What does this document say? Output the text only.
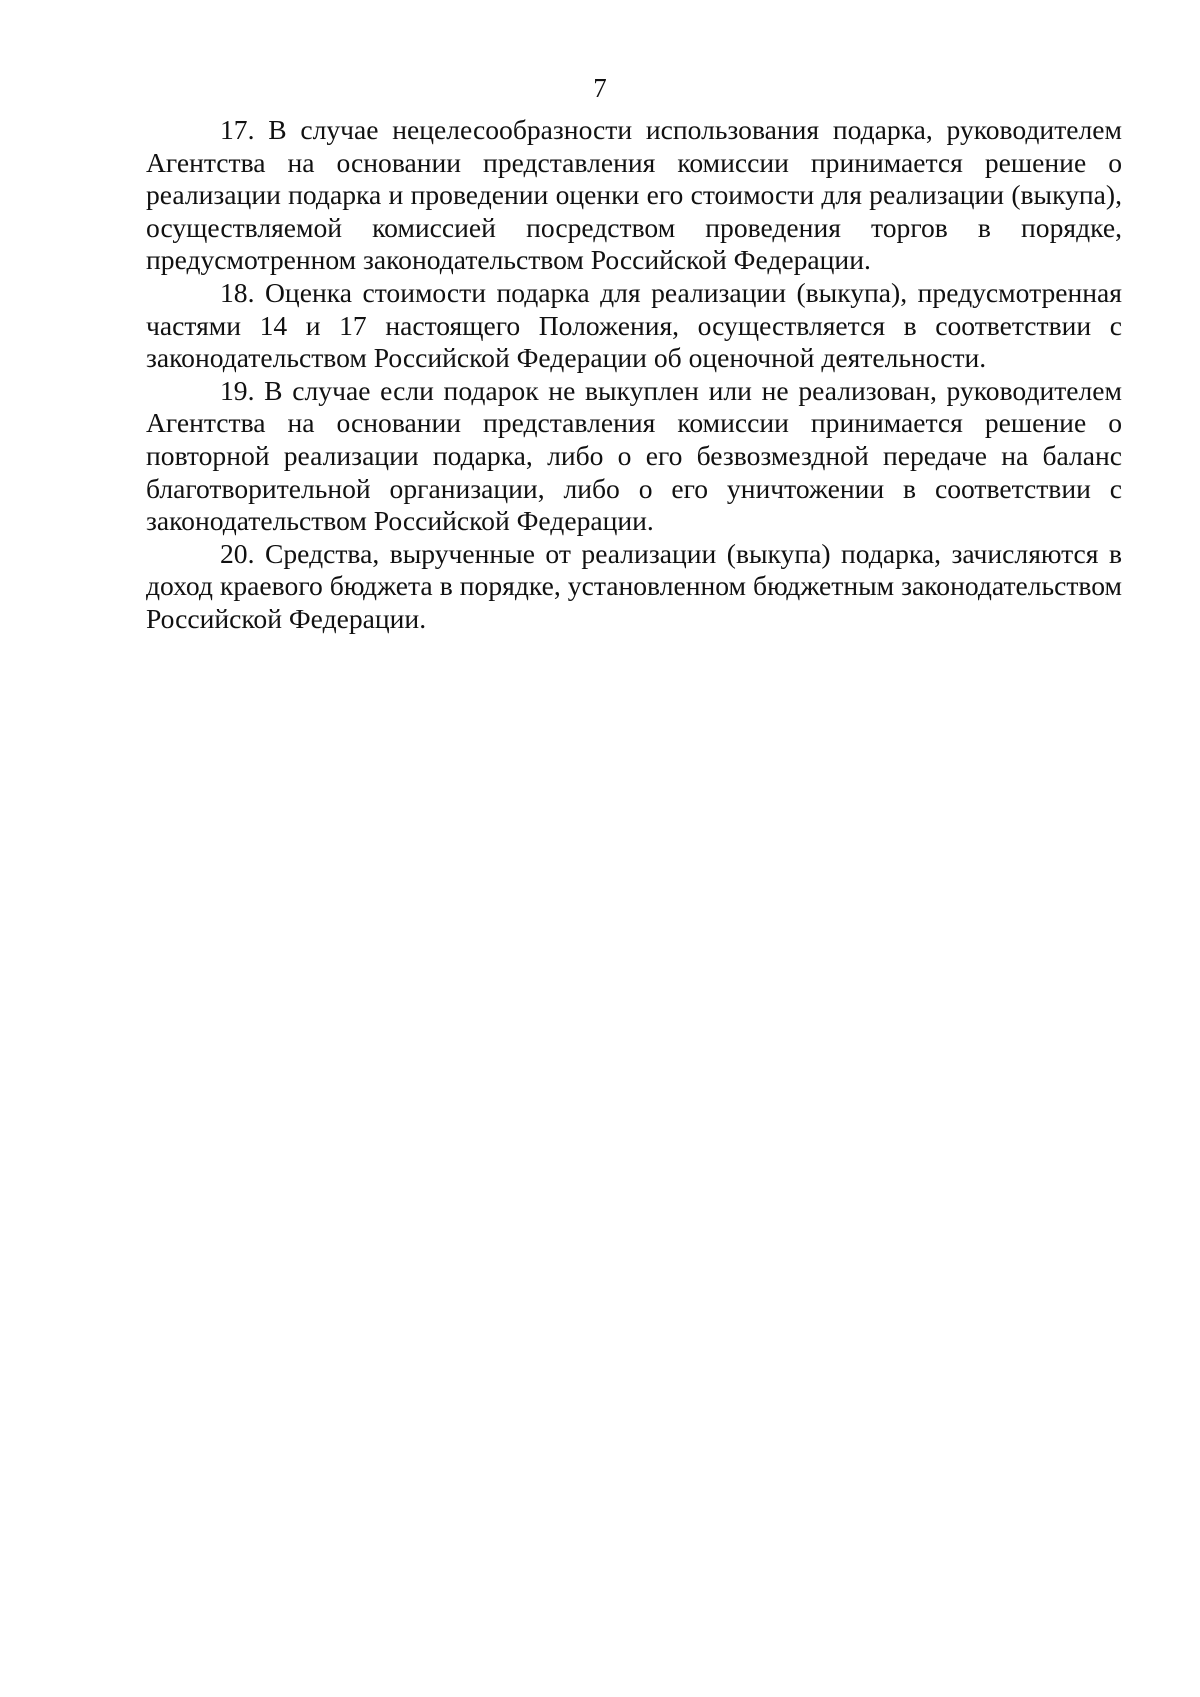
7

17. В случае нецелесообразности использования подарка, руководителем Агентства на основании представления комиссии принимается решение о реализации подарка и проведении оценки его стоимости для реализации (выкупа), осуществляемой комиссией посредством проведения торгов в порядке, предусмотренном законодательством Российской Федерации.

18. Оценка стоимости подарка для реализации (выкупа), предусмотренная частями 14 и 17 настоящего Положения, осуществляется в соответствии с законодательством Российской Федерации об оценочной деятельности.

19. В случае если подарок не выкуплен или не реализован, руководителем Агентства на основании представления комиссии принимается решение о повторной реализации подарка, либо о его безвозмездной передаче на баланс благотворительной организации, либо о его уничтожении в соответствии с законодательством Российской Федерации.

20. Средства, вырученные от реализации (выкупа) подарка, зачисляются в доход краевого бюджета в порядке, установленном бюджетным законодательством Российской Федерации.
